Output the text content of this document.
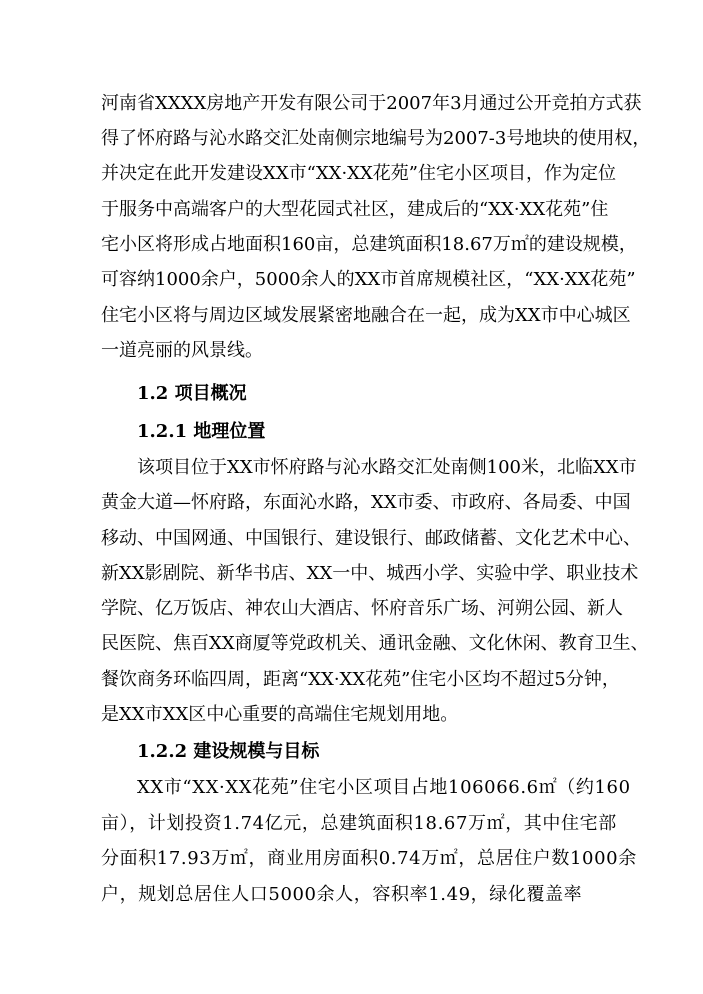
河南省XXXX房地产开发有限公司于2007年3月通过公开竞拍方式获
得了怀府路与沁水路交汇处南侧宗地编号为2007-3号地块的使用权，
并决定在此开发建设XX市“XX·XX花苑”住宅小区项目，作为定位
于服务中高端客户的大型花园式社区，建成后的“XX·XX花苑”住
宅小区将形成占地面积160亩，总建筑面积18.67万㎡的建设规模，
可容纳1000余户，5000余人的XX市首席规模社区，“XX·XX花苑”
住宅小区将与周边区域发展紧密地融合在一起，成为XX市中心城区
一道亮丽的风景线。
1.2 项目概况
1.2.1 地理位置
该项目位于XX市怀府路与沁水路交汇处南侧100米，北临XX市
黄金大道—怀府路，东面沁水路，XX市委、市政府、各局委、中国
移动、中国网通、中国银行、建设银行、邮政储蓄、文化艺术中心、
新XX影剧院、新华书店、XX一中、城西小学、实验中学、职业技术
学院、亿万饭店、神农山大酒店、怀府音乐广场、河朔公园、新人
民医院、焦百XX商厦等党政机关、通讯金融、文化休闲、教育卫生、
餐饮商务环临四周，距离“XX·XX花苑”住宅小区均不超过5分钟，
是XX市XX区中心重要的高端住宅规划用地。
1.2.2 建设规模与目标
XX市“XX·XX花苑”住宅小区项目占地106066.6㎡（约160
亩），计划投资1.74亿元，总建筑面积18.67万㎡，其中住宅部
分面积17.93万㎡，商业用房面积0.74万㎡，总居住户数1000余
户，规划总居住人口5000余人，容积率1.49，绿化覆盖率
